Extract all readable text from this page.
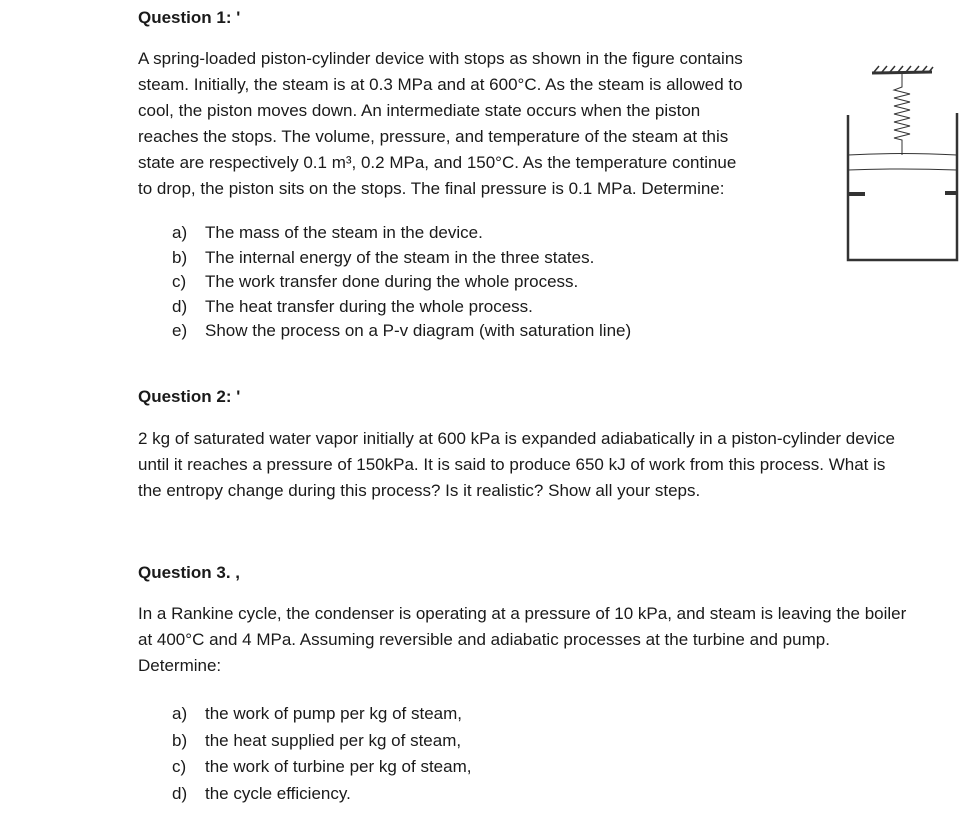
Question 1: '
A spring-loaded piston-cylinder device with stops as shown in the figure contains
steam. Initially, the steam is at 0.3 MPa and at 600°C. As the steam is allowed to
cool, the piston moves down. An intermediate state occurs when the piston
reaches the stops. The volume, pressure, and temperature of the steam at this
state are respectively 0.1 m³, 0.2 MPa, and 150°C. As the temperature continue
to drop, the piston sits on the stops. The final pressure is 0.1 MPa. Determine:
a) The mass of the steam in the device.
b) The internal energy of the steam in the three states.
c) The work transfer done during the whole process.
d) The heat transfer during the whole process.
e) Show the process on a P-v diagram (with saturation line)
Question 2: '
2 kg of saturated water vapor initially at 600 kPa is expanded adiabatically in a piston-cylinder device
until it reaches a pressure of 150kPa. It is said to produce 650 kJ of work from this process. What is
the entropy change during this process? Is it realistic? Show all your steps.
Question 3. ,
In a Rankine cycle, the condenser is operating at a pressure of 10 kPa, and steam is leaving the boiler
at 400°C and 4 MPa. Assuming reversible and adiabatic processes at the turbine and pump.
Determine:
a) the work of pump per kg of steam,
b) the heat supplied per kg of steam,
c) the work of turbine per kg of steam,
d) the cycle efficiency.
